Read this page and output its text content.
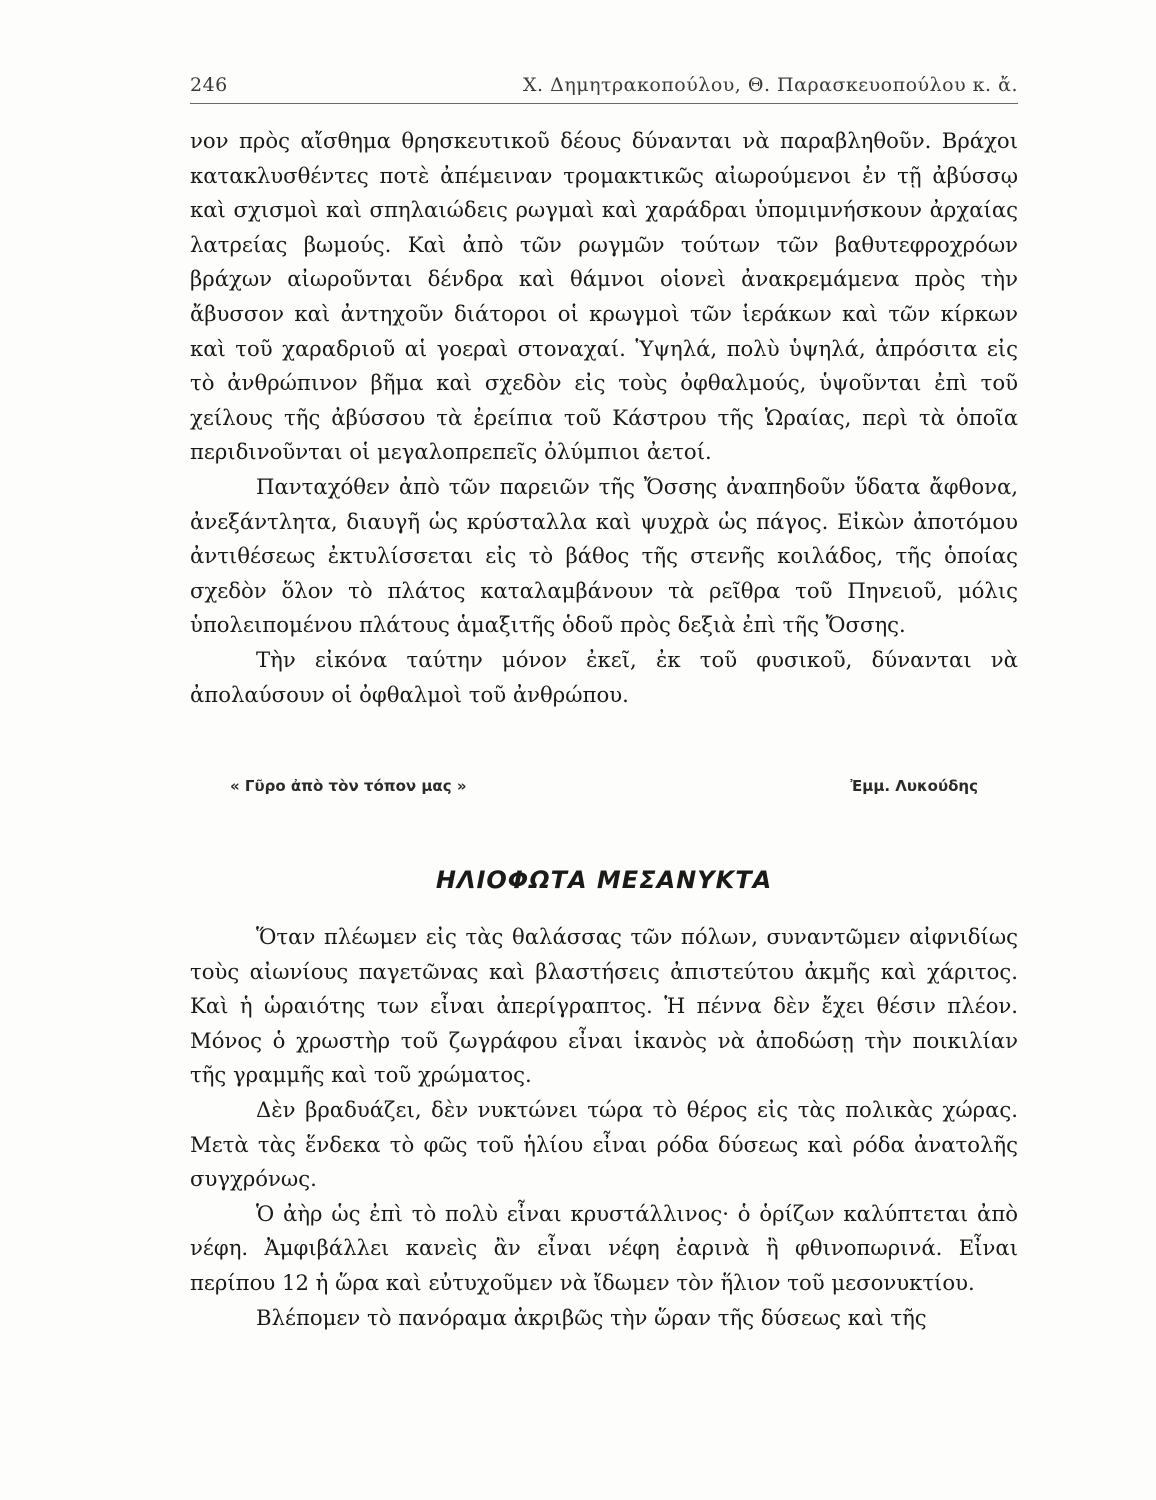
246	Χ. Δημητρακοπούλου, Θ. Παρασκευοπούλου κ. ἄ.

νον πρὸς αἴσθημα θρησκευτικοῦ δέους δύνανται νὰ παραβληθοῦν. Βράχοι κατακλυσθέντες ποτὲ ἀπέμειναν τρομακτικῶς αἰωρούμενοι ἐν τῇ ἀβύσσῳ καὶ σχισμοὶ καὶ σπηλαιώδεις ρωγμαὶ καὶ χαράδραι ὑπομιμνήσκουν ἀρχαίας λατρείας βωμούς. Καὶ ἀπὸ τῶν ρωγμῶν τούτων τῶν βαθυτεφροχρόων βράχων αἰωροῦνται δένδρα καὶ θάμνοι οἱονεὶ ἀνακρεμάμενα πρὸς τὴν ἄβυσσον καὶ ἀντηχοῦν διάτοροι οἱ κρωγμοὶ τῶν ἱεράκων καὶ τῶν κίρκων καὶ τοῦ χαραδριοῦ αἱ γοεραὶ στοναχαί. Ὑψηλά, πολὺ ὑψηλά, ἀπρόσιτα εἰς τὸ ἀνθρώπινον βῆμα καὶ σχεδὸν εἰς τοὺς ὀφθαλμούς, ὑψοῦνται ἐπὶ τοῦ χείλους τῆς ἀβύσσου τὰ ἐρείπια τοῦ Κάστρου τῆς Ὡραίας, περὶ τὰ ὁποῖα περιδινοῦνται οἱ μεγαλοπρεπεῖς ὀλύμπιοι ἀετοί.

Πανταχόθεν ἀπὸ τῶν παρειῶν τῆς Ὄσσης ἀναπηδοῦν ὕδατα ἄφθονα, ἀνεξάντλητα, διαυγῆ ὡς κρύσταλλα καὶ ψυχρὰ ὡς πάγος. Εἰκὼν ἀποτόμου ἀντιθέσεως ἐκτυλίσσεται εἰς τὸ βάθος τῆς στενῆς κοιλάδος, τῆς ὁποίας σχεδὸν ὅλον τὸ πλάτος καταλαμβάνουν τὰ ρεῖθρα τοῦ Πηνειοῦ, μόλις ὑπολειπομένου πλάτους ἁμαξιτῆς ὁδοῦ πρὸς δεξιὰ ἐπὶ τῆς Ὄσσης.

Τὴν εἰκόνα ταύτην μόνον ἐκεῖ, ἐκ τοῦ φυσικοῦ, δύνανται νὰ ἀπολαύσουν οἱ ὀφθαλμοὶ τοῦ ἀνθρώπου.

« Γῦρο ἀπὸ τὸν τόπον μας »	Ἐμμ. Λυκούδης
ΗΛΙΟΦΩΤΑ ΜΕΣΑΝΥΚΤΑ

Ὅταν πλέωμεν εἰς τὰς θαλάσσας τῶν πόλων, συναντῶμεν αἰφνιδίως τοὺς αἰωνίους παγετῶνας καὶ βλαστήσεις ἀπιστεύτου ἀκμῆς καὶ χάριτος. Καὶ ἡ ὡραιότης των εἶναι ἀπερίγραπτος. Ἡ πέννα δὲν ἔχει θέσιν πλέον. Μόνος ὁ χρωστὴρ τοῦ ζωγράφου εἶναι ἱκανὸς νὰ ἀποδώσῃ τὴν ποικιλίαν τῆς γραμμῆς καὶ τοῦ χρώματος.

Δὲν βραδυάζει, δὲν νυκτώνει τώρα τὸ θέρος εἰς τὰς πολικὰς χώρας. Μετὰ τὰς ἕνδεκα τὸ φῶς τοῦ ἡλίου εἶναι ρόδα δύσεως καὶ ρόδα ἀνατολῆς συγχρόνως.

Ὁ ἀὴρ ὡς ἐπὶ τὸ πολὺ εἶναι κρυστάλλινος· ὁ ὁρίζων καλύπτεται ἀπὸ νέφη. Ἀμφιβάλλει κανεὶς ἂν εἶναι νέφη ἐαρινὰ ἢ φθινοπωρινά. Εἶναι περίπου 12 ἡ ὥρα καὶ εὐτυχοῦμεν νὰ ἴδωμεν τὸν ἥλιον τοῦ μεσονυκτίου.

Βλέπομεν τὸ πανόραμα ἀκριβῶς τὴν ὥραν τῆς δύσεως καὶ τῆς
